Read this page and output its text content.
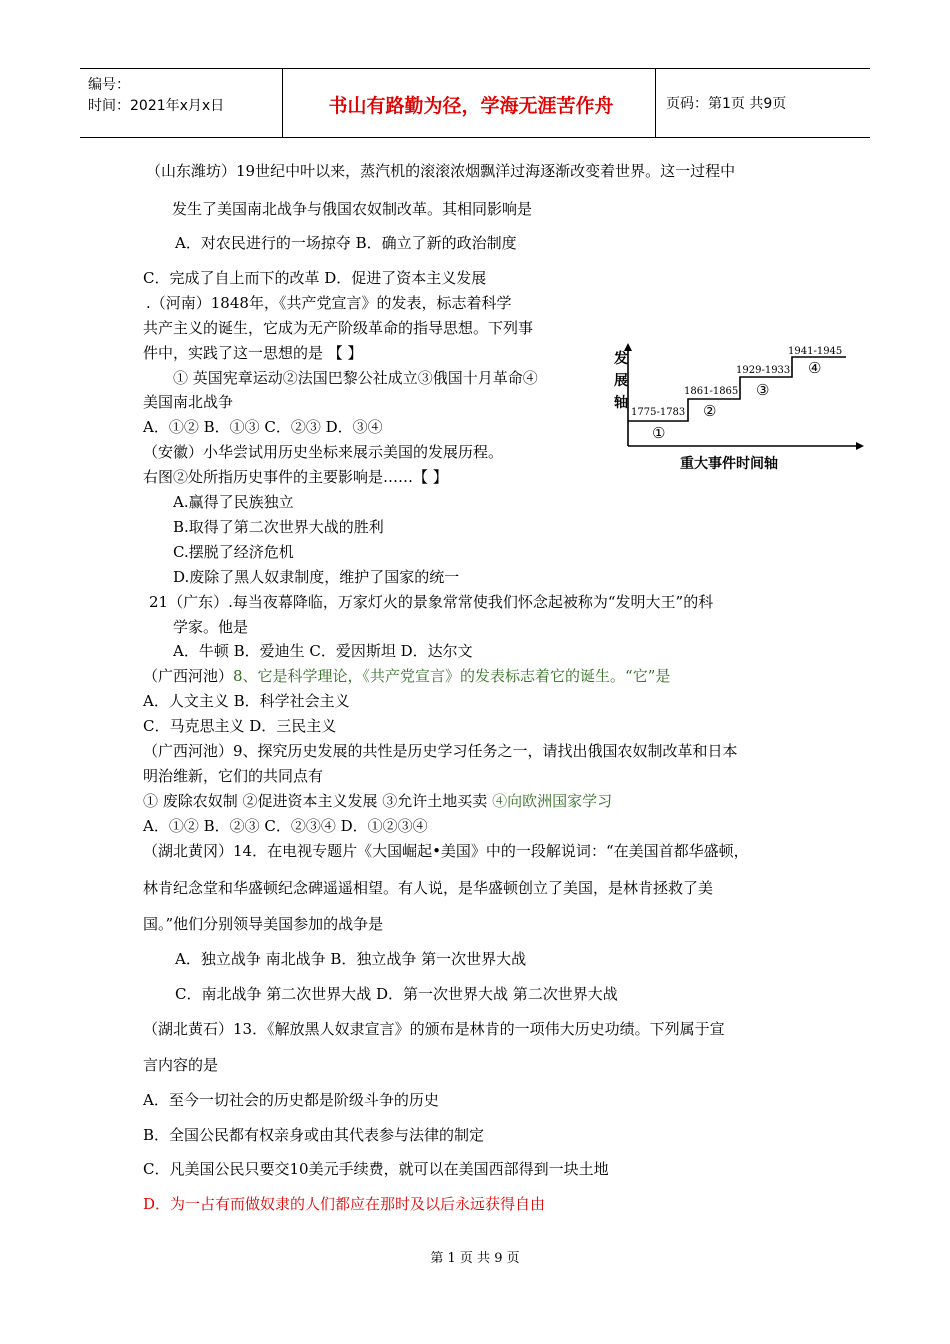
编号：
时间：2021年x月x日	书山有路勤为径，学海无涯苦作舟	页码：第1页 共9页
（山东潍坊）19世纪中叶以来，蒸汽机的滚滚浓烟飘洋过海逐渐改变着世界。这一过程中
发生了美国南北战争与俄国农奴制改革。其相同影响是
A．对农民进行的一场掠夺 B．确立了新的政治制度
C．完成了自上而下的改革 D．促进了资本主义发展
.（河南）1848年，《共产党宣言》的发表，标志着科学
共产主义的诞生，它成为无产阶级革命的指导思想。下列事
件中，实践了这一思想的是 【 】
① 英国宪章运动②法国巴黎公社成立③俄国十月革命④
美国南北战争
A．①② B．①③ C．②③ D．③④
（安徽）小华尝试用历史坐标来展示美国的发展历程。
右图②处所指历史事件的主要影响是……【 】
A.赢得了民族独立
B.取得了第二次世界大战的胜利
C.摆脱了经济危机
D.废除了黑人奴隶制度，维护了国家的统一
21（广东）.每当夜幕降临，万家灯火的景象常常使我们怀念起被称为“发明大王”的科
学家。他是
A．牛顿 B．爱迪生 C．爱因斯坦 D．达尔文
（广西河池）8、它是科学理论，《共产党宣言》的发表标志着它的诞生。“它”是
A．人文主义 B．科学社会主义
C．马克思主义 D．三民主义
（广西河池）9、探究历史发展的共性是历史学习任务之一，请找出俄国农奴制改革和日本
明治维新，它们的共同点有
① 废除农奴制 ②促进资本主义发展 ③允许土地买卖 ④向欧洲国家学习
A．①② B．②③ C．②③④ D．①②③④
（湖北黄冈）14．在电视专题片《大国崛起•美国》中的一段解说词：“在美国首都华盛顿，
林肯纪念堂和华盛顿纪念碑遥遥相望。有人说，是华盛顿创立了美国，是林肯拯救了美
国。”他们分别领导美国参加的战争是
A．独立战争 南北战争 B．独立战争 第一次世界大战
C．南北战争 第二次世界大战 D．第一次世界大战 第二次世界大战
（湖北黄石）13．《解放黑人奴隶宣言》的颁布是林肯的一项伟大历史功绩。下列属于宣
言内容的是
A．至今一切社会的历史都是阶级斗争的历史
B．全国公民都有权亲身或由其代表参与法律的制定
C．凡美国公民只要交10美元手续费，就可以在美国西部得到一块土地
D．为一占有而做奴隶的人们都应在那时及以后永远获得自由
发
展
轴
1775-1783
①
1861-1865
②
1929-1933
③
1941-1945
④
重大事件时间轴
第 1 页 共 9 页
